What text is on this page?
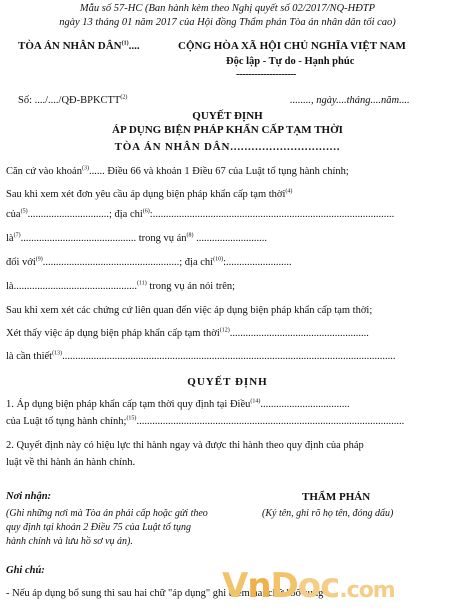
Mẫu số 57-HC (Ban hành kèm theo Nghị quyết số 02/2017/NQ-HĐTP
ngày 13 tháng 01 năm 2017 của Hội đồng Thẩm phán Tòa án nhân dân tối cao)
TÒA ÁN NHÂN DÂN$^{(1)}$....
Số: ..../..../QĐ-BPKCTT$^{(2)}$
CỘNG HÒA XÃ HỘI CHỦ NGHĨA VIỆT NAM
Độc lập - Tự do - Hạnh phúc
--------------------
........, ngày....tháng....năm....
QUYẾT ĐỊNH
ÁP DỤNG BIỆN PHÁP KHẨN CẤP TẠM THỜI
TÒA ÁN NHÂN DÂN...............................
Căn cứ vào khoản$^{(3)}$...... Điều 66 và khoản 1 Điều 67 của Luật tố tụng hành chính;
Sau khi xem xét đơn yêu cầu áp dụng biện pháp khẩn cấp tạm thời$^{(4)}$
của$^{(5)}$...............................; địa chỉ$^{(6)}$:............................................................................................
$là^{(7)}$............................................ trong vụ $án^{(8)}$ ...........................
đối với$^{(9)}$....................................................; địa chỉ$^{(10)}$:.........................
là...............................................$^{(11)}$ trong vụ án nói trên;
Sau khi xem xét các chứng cứ liên quan đến việc áp dụng biện pháp khẩn cấp tạm thời;
Xét thấy việc áp dụng biện pháp khẩn cấp tạm thời$^{(12)}$.....................................................
là cần thiết$^{(13)}$...............................................................................................................................
QUYẾT ĐỊNH
1. Áp dụng biện pháp khẩn cấp tạm thời quy định tại Điều$^{(14)}$..................................
của Luật tố tụng hành chính;$^{(15)}$......................................................................................................
2. Quyết định này có hiệu lực thi hành ngay và được thi hành theo quy định của pháp
luật về thi hành án hành chính.
Nơi nhận:
(Ghi những nơi mà Tòa án phải cấp hoặc gửi theo
quy định tại khoản 2 Điều 75 của Luật tố tụng
hành chính và lưu hồ sơ vụ án).
THẨM PHÁN
(Ký tên, ghi rõ họ tên, đóng dấu)
Ghi chú:
- Nếu áp dụng bổ sung thì sau hai chữ "áp dụng" ghi thêm hai chữ "bổ sung".
VnDoc.com
